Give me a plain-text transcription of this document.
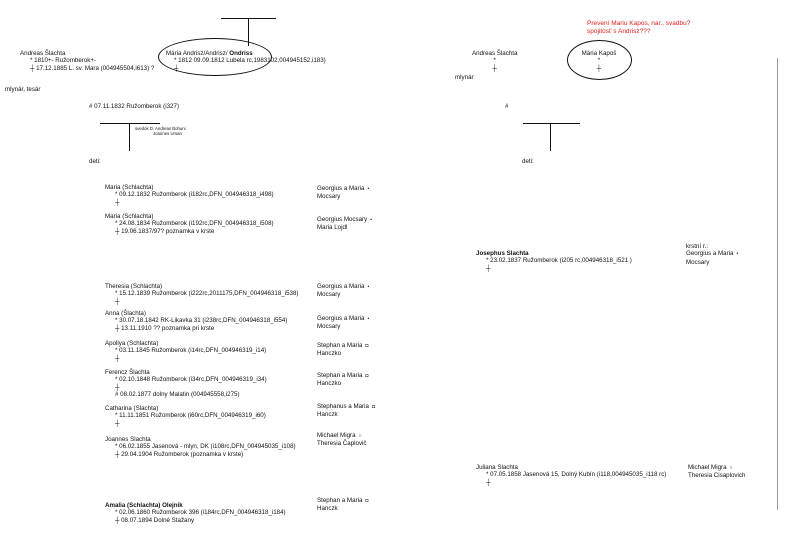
Andreas Šlachta
* 1810+- Ružomberok+-
┼ 17.12.1885 L. sv. Mara (004945504,i613) ?
Mária Andrisz/Andrisz/ Ondriss
* 1812 09.09.1812 Lubela rc,1983102,004945152,i183)
┼
mlynár, tesár
# 07.11.1832 Ružomberok (i327)
svedok D. Andreas Bohuni
Joannes Ursan
deti:
Maria (Schlachta)
* 09.12.1832 Ružomberok (i182rc,DFN_004946318_i498)
┼
Georgius a Maria •
Mocsary
Maria (Schlachta)
* 24.08.1834 Ružomberok (i192rc,DFN_004946318_i508)
┼ 19.06.1837/97? poznamka v krste
Georgius Mocsary •
Maria Lojdl
Theresia (Schlachta)
* 15.12.1839 Ružomberok (i222rc,2011175,DFN_004946318_i538)
┼
Georgius a Maria •
Mocsary
Anna (Šlachta)
* 30.07.18.1842 RK-Likavka 31 (i238rc,DFN_004946318_i554)
┼ 13.11.1910 ?? poznamka pri krste
Georgius a Maria •
Mocsary
Apollya (Schlachta)
* 03.11.1845 Ružomberok (i14rc,DFN_004946319_i14)
┼
Stephan a Maria ◘
Hanczko
Ferencz Šlachta
* 02.10.1848 Ružomberok (i34rc,DFN_004946319_i34)
┼
# 08.02.1877 dolny Malatin (004945558,i275)
Stephan a Maria ◘
Hanczko
Catharina (Slachta)
* 11.11.1851 Ružomberok (i60rc,DFN_004946319_i60)
┼
Stephanus a Maria ◘
Hanczk
Joannes Slachta
* 06.02.1855 Jasenová - mlyn, DK (i108rc,DFN_004945035_i108)
┼ 29.04.1904 Ružomberok (poznamka v krste)
Michael Migra ○
Theresia Čaplovič
Amalia (Schlachta) Olejník
* 02.06.1860 Ružomberok 396 (i184rc,DFN_004946318_i184)
┼ 08.07.1894 Dolné Stažany
Stephan a Maria ◘
Hanczk
Prevení Mariu Kapos, nar., svadbu?
spojitosť s Andrisz???
Andreas Šlachta
*
┼
Mária Kapoš
*
┼
mlynár
#
deti:
Josephus Slachta
* 23.02.1837 Ružomberok (i205 rc,004946318_i521 )
┼
krstní r.:
Georgius a Maria •
Mocsary
Juliana Slachta
* 07.05.1858 Jasenová 15, Dolný Kubín (i118,004945035_i118 rc)
┼
Michael Migra ○
Theresia Cisaplovich
